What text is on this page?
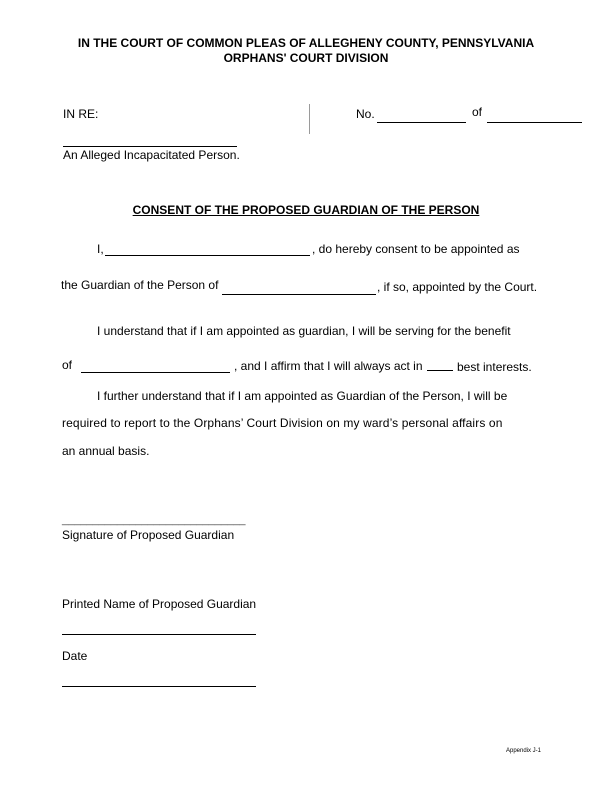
IN THE COURT OF COMMON PLEAS OF ALLEGHENY COUNTY, PENNSYLVANIA
ORPHANS' COURT DIVISION
IN RE:	No.	of
An Alleged Incapacitated Person.
CONSENT OF THE PROPOSED GUARDIAN OF THE PERSON
I,	, do hereby consent to be appointed as
the Guardian of the Person of	, if so, appointed by the Court.
I understand that if I am appointed as guardian, I will be serving for the benefit
of	, and I affirm that I will always act in	best interests.
I further understand that if I am appointed as Guardian of the Person, I will be
required to report to the Orphans’ Court Division on my ward’s personal affairs on
an annual basis.
______________________________
Signature of Proposed Guardian
Printed Name of Proposed Guardian
Date
Appendix J-1
